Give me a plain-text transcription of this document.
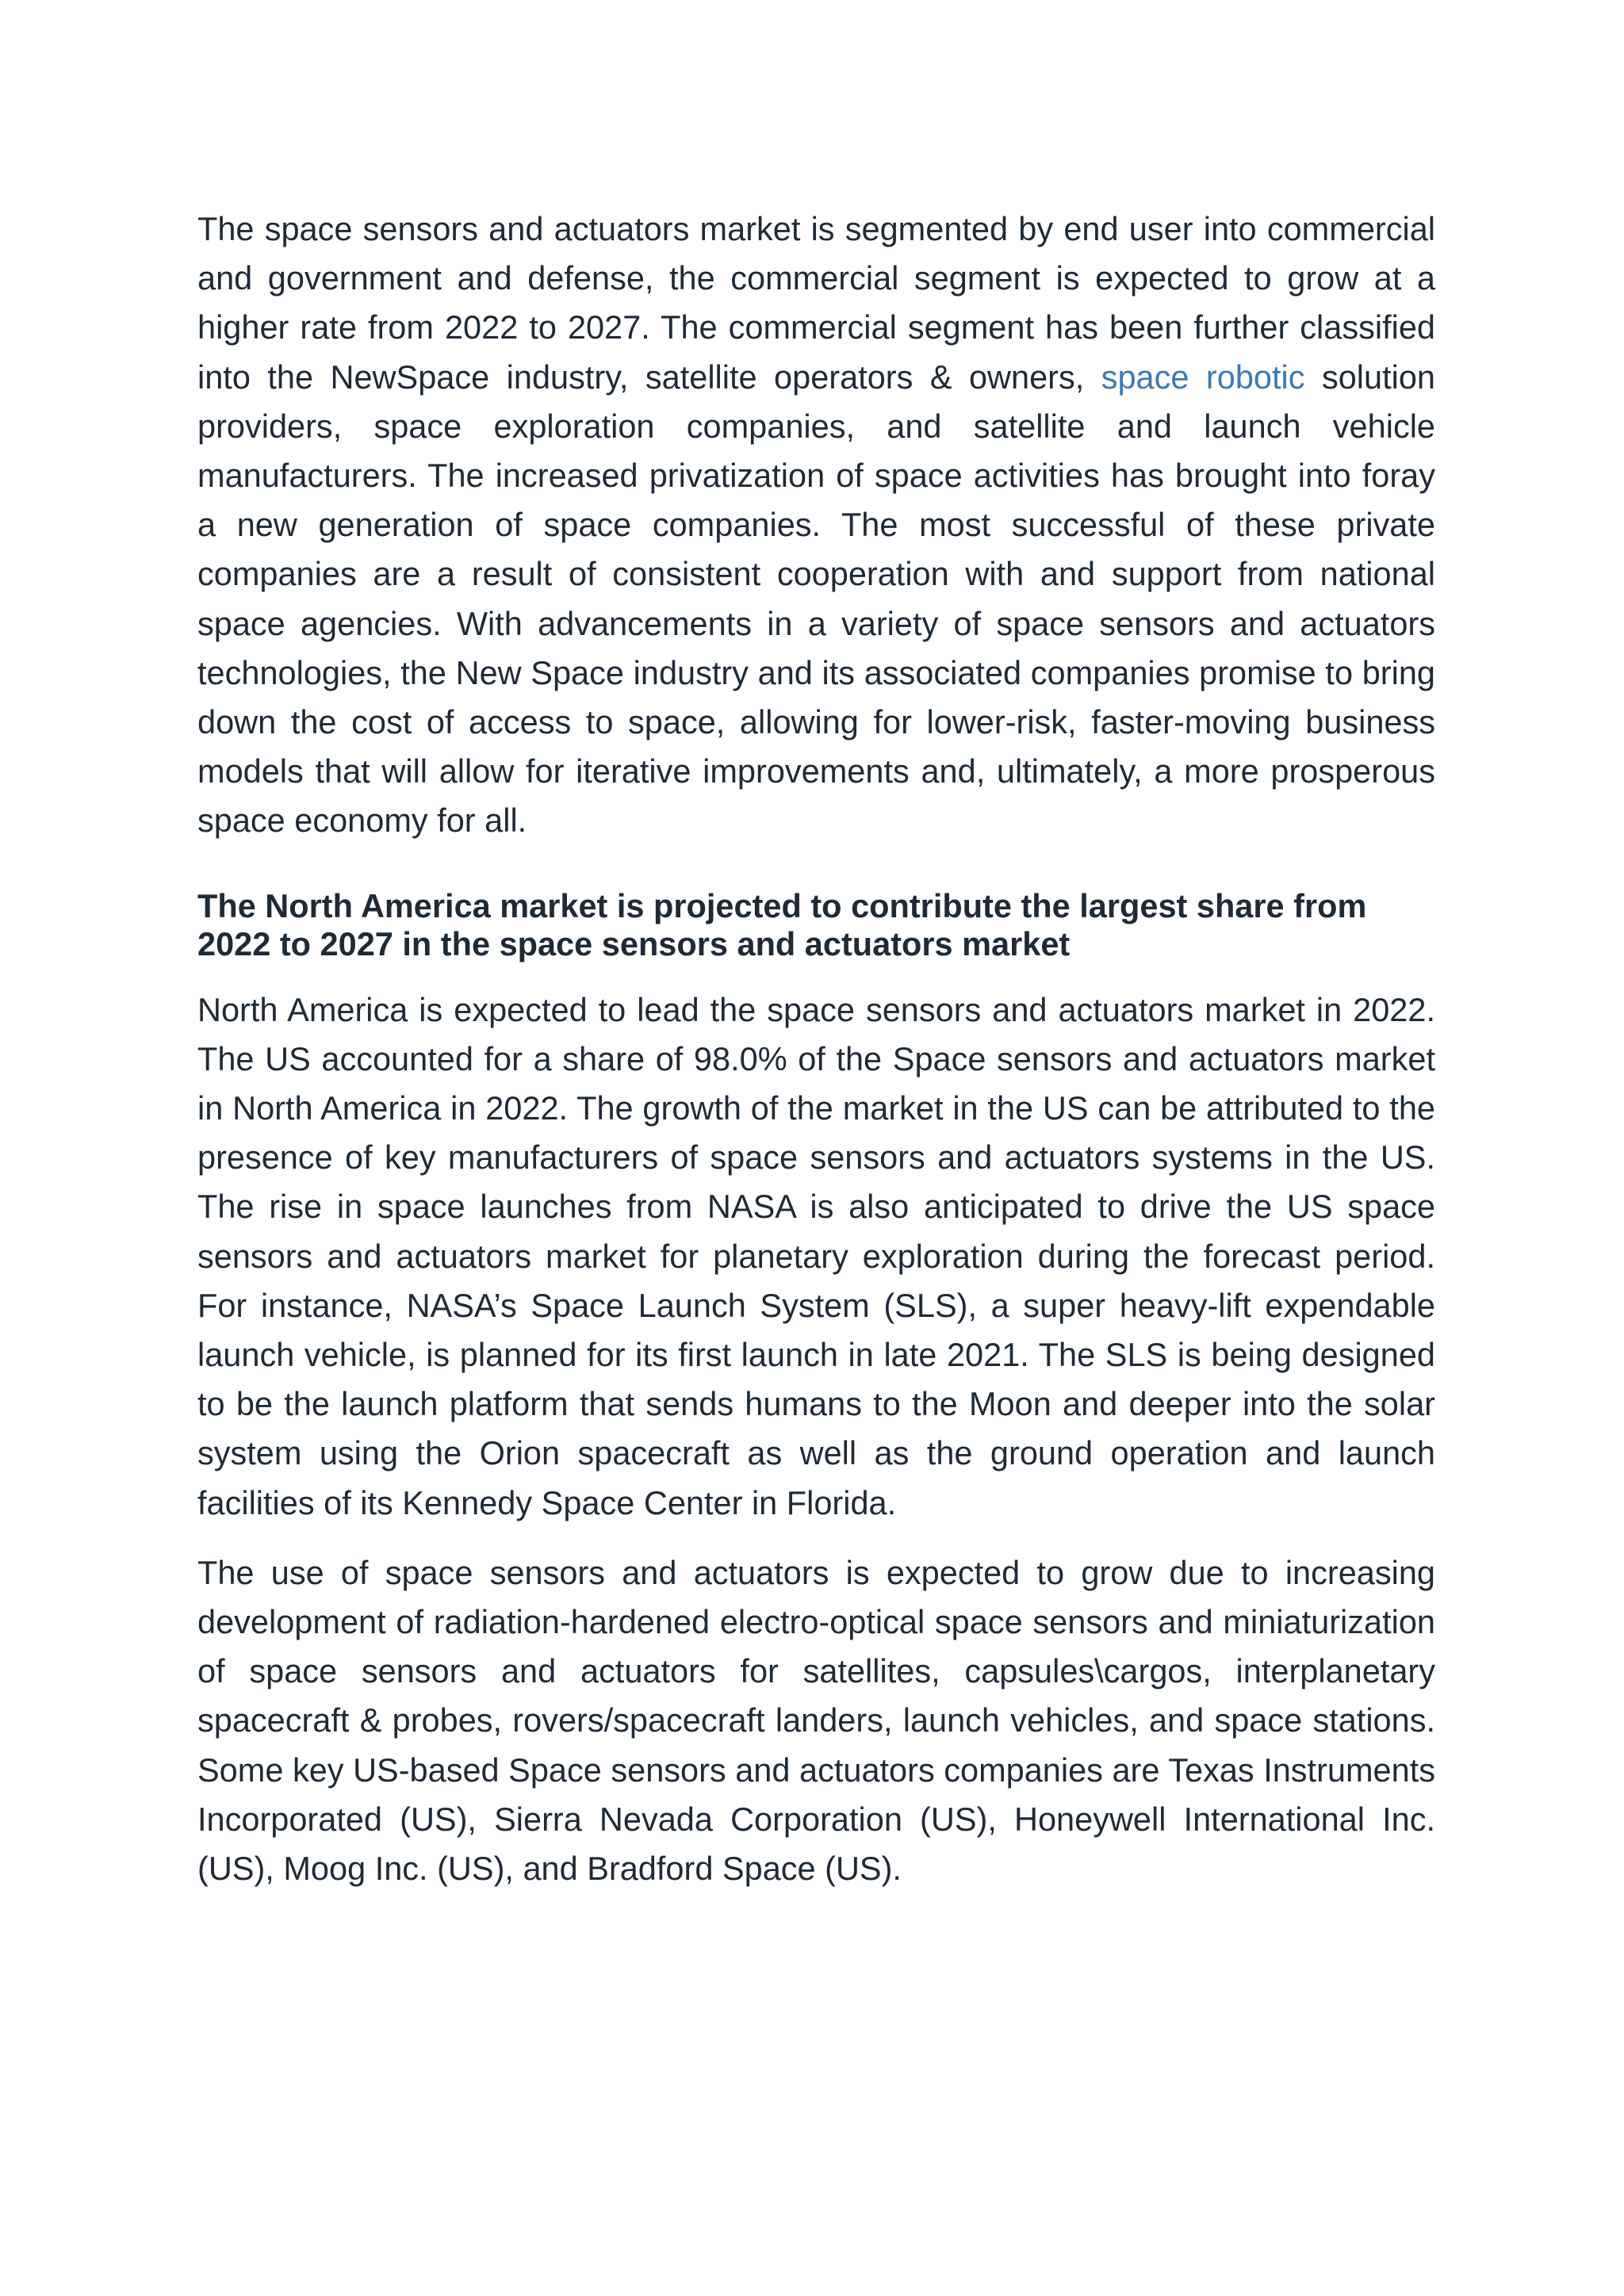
The space sensors and actuators market is segmented by end user into commercial and government and defense, the commercial segment is expected to grow at a higher rate from 2022 to 2027. The commercial segment has been further classified into the NewSpace industry, satellite operators & owners, space robotic solution providers, space exploration companies, and satellite and launch vehicle manufacturers. The increased privatization of space activities has brought into foray a new generation of space companies. The most successful of these private companies are a result of consistent cooperation with and support from national space agencies. With advancements in a variety of space sensors and actuators technologies, the New Space industry and its associated companies promise to bring down the cost of access to space, allowing for lower-risk, faster-moving business models that will allow for iterative improvements and, ultimately, a more prosperous space economy for all.

The North America market is projected to contribute the largest share from 2022 to 2027 in the space sensors and actuators market

North America is expected to lead the space sensors and actuators market in 2022. The US accounted for a share of 98.0% of the Space sensors and actuators market in North America in 2022. The growth of the market in the US can be attributed to the presence of key manufacturers of space sensors and actuators systems in the US. The rise in space launches from NASA is also anticipated to drive the US space sensors and actuators market for planetary exploration during the forecast period. For instance, NASA’s Space Launch System (SLS), a super heavy-lift expendable launch vehicle, is planned for its first launch in late 2021. The SLS is being designed to be the launch platform that sends humans to the Moon and deeper into the solar system using the Orion spacecraft as well as the ground operation and launch facilities of its Kennedy Space Center in Florida.

The use of space sensors and actuators is expected to grow due to increasing development of radiation-hardened electro-optical space sensors and miniaturization of space sensors and actuators for satellites, capsules\cargos, interplanetary spacecraft & probes, rovers/spacecraft landers, launch vehicles, and space stations. Some key US-based Space sensors and actuators companies are Texas Instruments Incorporated (US), Sierra Nevada Corporation (US), Honeywell International Inc. (US), Moog Inc. (US), and Bradford Space (US).
